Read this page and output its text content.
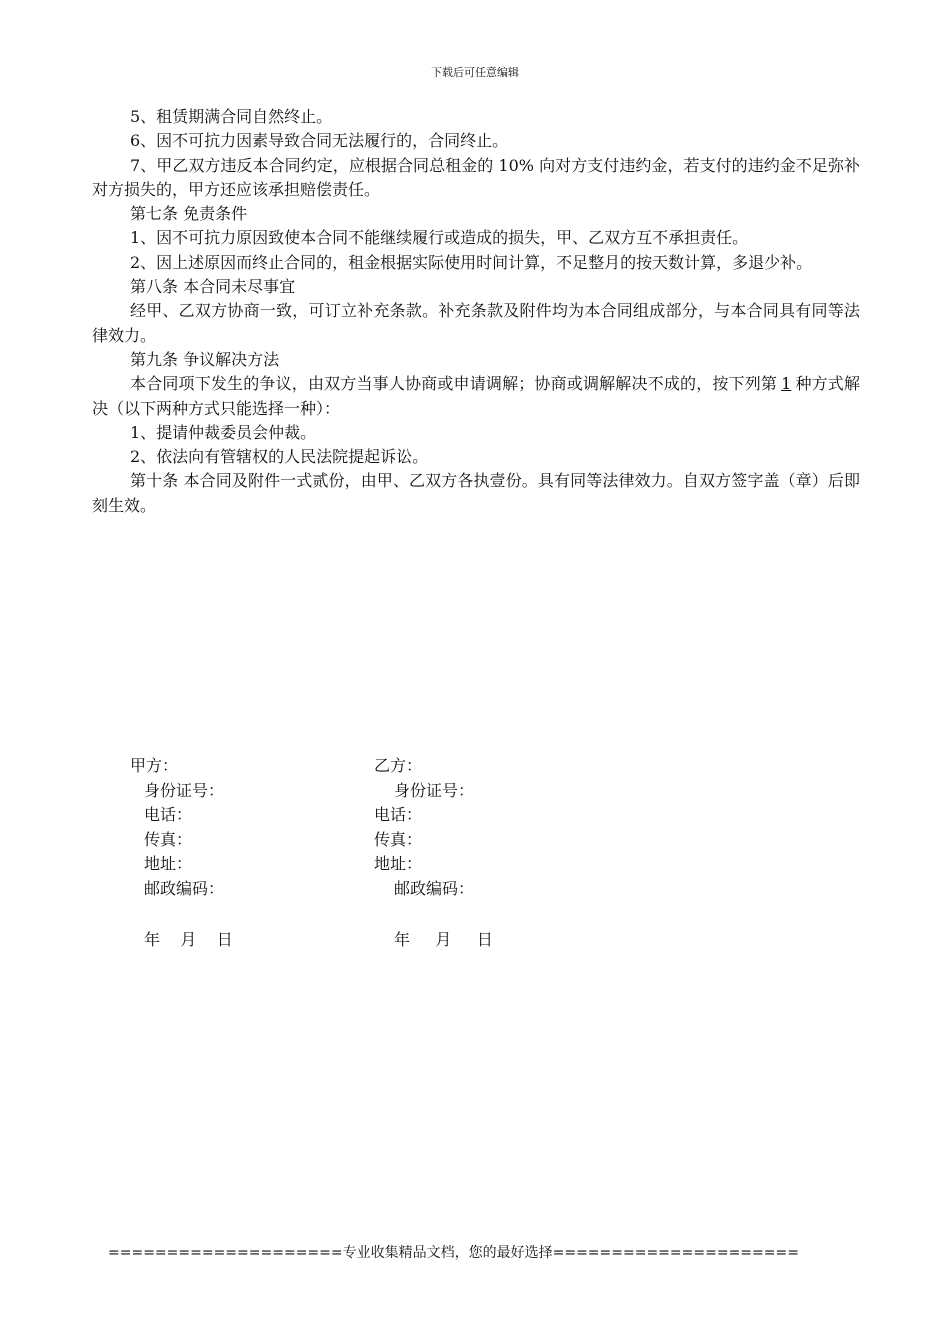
下载后可任意编辑

5、租赁期满合同自然终止。

6、因不可抗力因素导致合同无法履行的，合同终止。

7、甲乙双方违反本合同约定，应根据合同总租金的 10% 向对方支付违约金，若支付的违约金不足弥补对方损失的，甲方还应该承担赔偿责任。

第七条 免责条件

1、因不可抗力原因致使本合同不能继续履行或造成的损失，甲、乙双方互不承担责任。

2、因上述原因而终止合同的，租金根据实际使用时间计算，不足整月的按天数计算，多退少补。

第八条 本合同未尽事宜

经甲、乙双方协商一致，可订立补充条款。补充条款及附件均为本合同组成部分，与本合同具有同等法律效力。

第九条 争议解决方法

本合同项下发生的争议，由双方当事人协商或申请调解；协商或调解解决不成的，按下列第 1 种方式解决（以下两种方式只能选择一种）：

1、提请仲裁委员会仲裁。

2、依法向有管辖权的人民法院提起诉讼。

第十条 本合同及附件一式贰份，由甲、乙双方各执壹份。具有同等法律效力。自双方签字盖（章）后即刻生效。

甲方：
身份证号：
电话：
传真：
地址：
邮政编码：
乙方：
身份证号：
电话：
传真：
地址：
邮政编码：
年    月    日	年     月     日
====================专业收集精品文档，您的最好选择=====================
